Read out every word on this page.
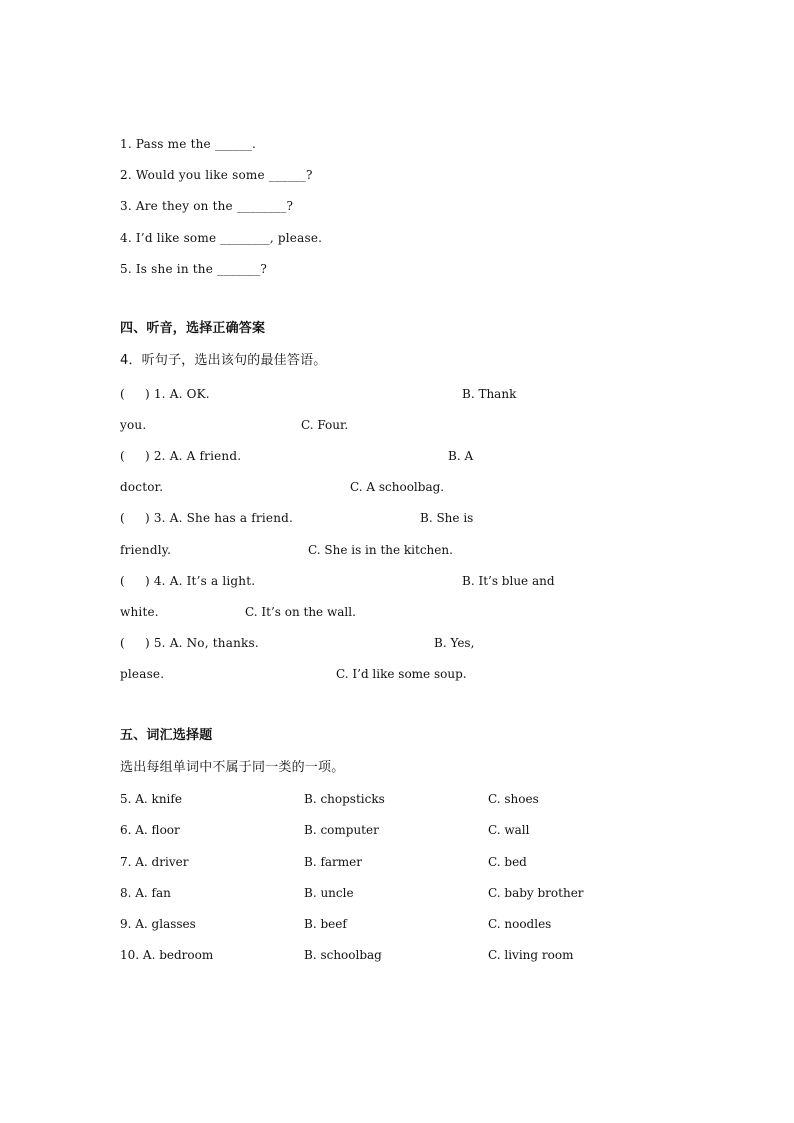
1. Pass me the ______.
2. Would you like some ______?
3. Are they on the ________?
4. I’d like some ________, please.
5. Is she in the _______?
四、听音，选择正确答案
4．听句子，选出该句的最佳答语。
(     ) 1. A. OK.	B. Thank
you.	C. Four.
(     ) 2. A. A friend.	B. A
doctor.	C. A schoolbag.
(     ) 3. A. She has a friend.	B. She is
friendly.	C. She is in the kitchen.
(     ) 4. A. It’s a light.	B. It’s blue and
white.	C. It’s on the wall.
(     ) 5. A. No, thanks.	B. Yes,
please.	C. I’d like some soup.
五、词汇选择题
选出每组单词中不属于同一类的一项。
5. A. knife	B. chopsticks	C. shoes
6. A. floor	B. computer	C. wall
7. A. driver	B. farmer	C. bed
8. A. fan	B. uncle	C. baby brother
9. A. glasses	B. beef	C. noodles
10. A. bedroom	B. schoolbag	C. living room
